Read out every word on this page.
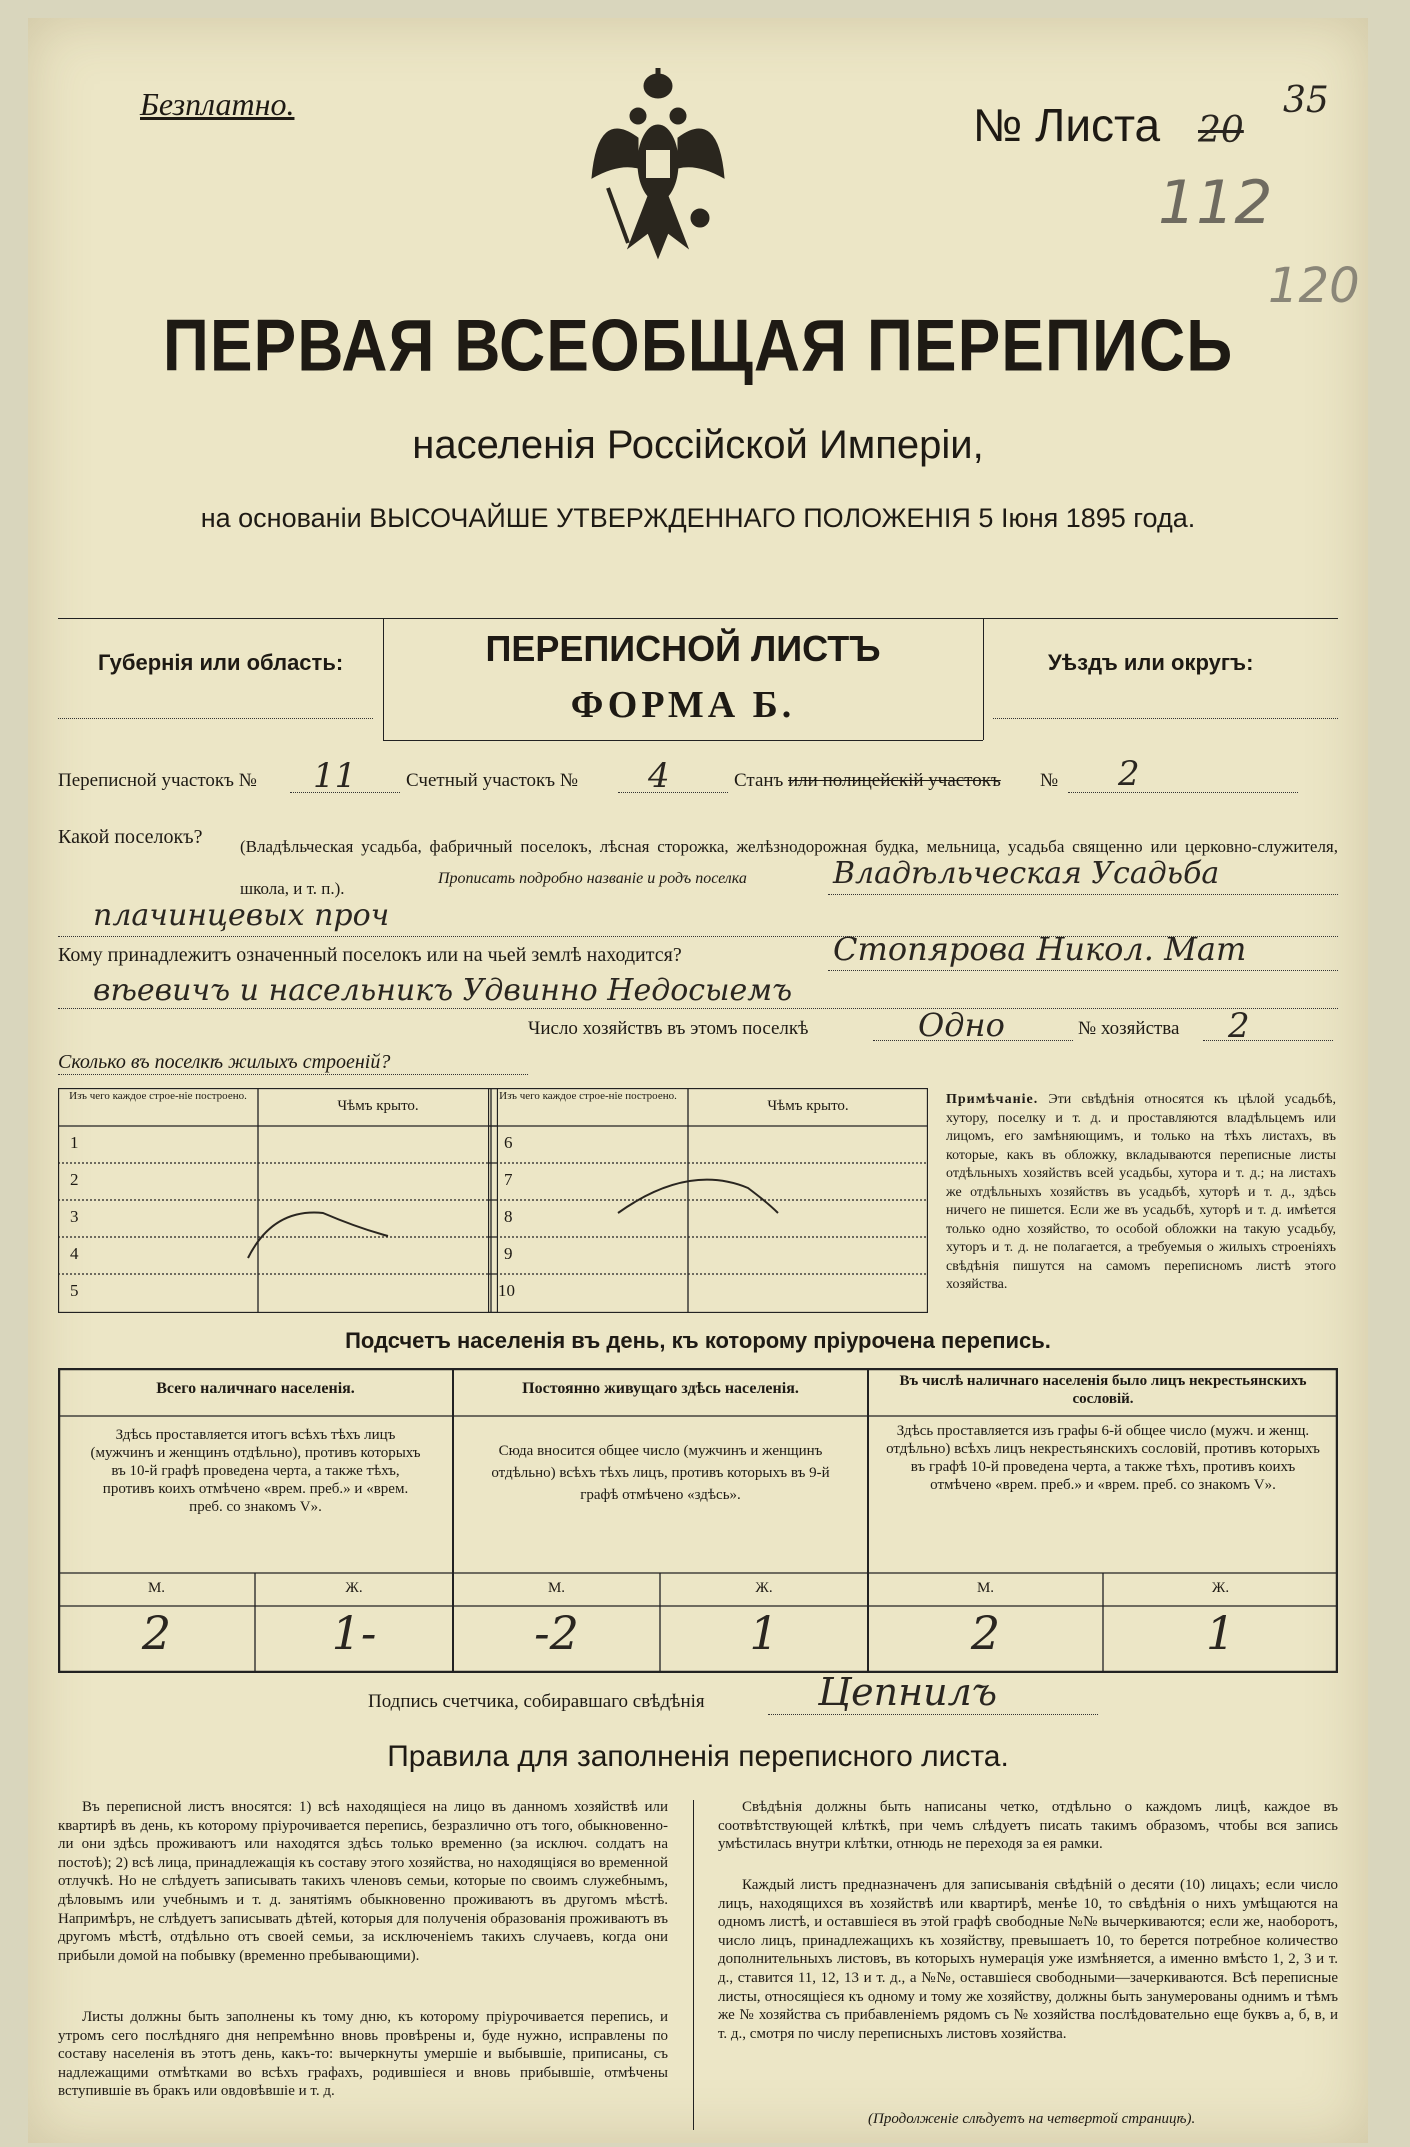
Безплатно.	№ Листа 20
35
112
120
ПЕРВАЯ ВСЕОБЩАЯ ПЕРЕПИСЬ
населенія Россійской Имперіи,
на основаніи ВЫСОЧАЙШЕ УТВЕРЖДЕННАГО ПОЛОЖЕНІЯ 5 Іюня 1895 года.
Губернія или область:	ПЕРЕПИСНОЙ ЛИСТЪ
ФОРМА Б.
Уѣздъ или округъ:
Переписной участокъ № 11	Счетный участокъ № 4	Станъ или полицейскій участокъ № 2
Какой поселокъ? (Владѣльческая усадьба, фабричный поселокъ, лѣсная сторожка, желѣзнодорожная будка, мельница, усадьба священно или церковно-служителя, школа, и т. п.).
Прописать подробно названіе и родъ поселка	Владѣльческая Усадьба
плачинцевых проч
Кому принадлежитъ означенный поселокъ или на чьей землѣ находится?	Стопярова Никол. Мат
вѣевичъ и насельникъ Удвинно Недосыемъ
Число хозяйствъ въ этомъ поселкѣ	Одно	№ хозяйства 2
Сколько въ поселкѣ жилыхъ строеній?
Изъ чего каждое строе-ніе построено.
Чѣмъ крыто.
1
2
3
4
5
Изъ чего каждое строе-ніе построено.
Чѣмъ крыто.
6
7
8
9
10
Примѣчаніе. Эти свѣдѣнія относятся къ цѣлой усадьбѣ, хутору, поселку и т. д. и проставляются владѣльцемъ или лицомъ, его замѣняющимъ, и только на тѣхъ листахъ, въ которые, какъ въ обложку, вкладываются переписные листы отдѣльныхъ хозяйствъ всей усадьбы, хутора и т. д.; на листахъ же отдѣльныхъ хозяйствъ въ усадьбѣ, хуторѣ и т. д., здѣсь ничего не пишется. Если же въ усадьбѣ, хуторѣ и т. д. имѣется только одно хозяйство, то особой обложки на такую усадьбу, хуторъ и т. д. не полагается, а требуемыя о жилыхъ строеніяхъ свѣдѣнія пишутся на самомъ переписномъ листѣ этого хозяйства.
Подсчетъ населенія въ день, къ которому пріурочена перепись.
Всего наличнаго населенія.
Здѣсь проставляется итогъ всѣхъ тѣхъ лицъ (мужчинъ и женщинъ отдѣльно), противъ которыхъ въ 10-й графѣ проведена черта, а также тѣхъ, противъ коихъ отмѣчено «врем. преб.» и «врем. преб. со знакомъ V».
М.	Ж.
2	1-
Постоянно живущаго здѣсь населенія.
Сюда вносится общее число (мужчинъ и женщинъ отдѣльно) всѣхъ тѣхъ лицъ, противъ которыхъ въ 9-й графѣ отмѣчено «здѣсь».
М.	Ж.
-2	1
Въ числѣ наличнаго населенія было лицъ некрестьянскихъ сословій.
Здѣсь проставляется изъ графы 6-й общее число (мужч. и женщ. отдѣльно) всѣхъ лицъ некрестьянскихъ сословій, противъ которыхъ въ графѣ 10-й проведена черта, а также тѣхъ, противъ коихъ отмѣчено «врем. преб.» и «врем. преб. со знакомъ V».
М.	Ж.
2	1
Подпись счетчика, собиравшаго свѣдѣнія	Цепнилъ
Правила для заполненія переписного листа.
Въ переписной листъ вносятся: 1) всѣ находящіеся на лицо въ данномъ хозяйствѣ или квартирѣ въ день, къ которому пріурочивается перепись, безразлично отъ того, обыкновенно-ли они здѣсь проживаютъ или находятся здѣсь только временно (за исключ. солдатъ на постоѣ); 2) всѣ лица, принадлежащія къ составу этого хозяйства, но находящіяся во временной отлучкѣ. Но не слѣдуетъ записывать такихъ членовъ семьи, которые по своимъ служебнымъ, дѣловымъ или учебнымъ и т. д. занятіямъ обыкновенно проживаютъ въ другомъ мѣстѣ. Напримѣръ, не слѣдуетъ записывать дѣтей, которыя для полученія образованія проживаютъ въ другомъ мѣстѣ, отдѣльно отъ своей семьи, за исключеніемъ такихъ случаевъ, когда они прибыли домой на побывку (временно пребывающими).
Листы должны быть заполнены къ тому дню, къ которому пріурочивается перепись, и утромъ сего послѣдняго дня непремѣнно вновь провѣрены и, буде нужно, исправлены по составу населенія въ этотъ день, какъ-то: вычеркнуты умершіе и выбывшіе, приписаны, съ надлежащими отмѣтками во всѣхъ графахъ, родившіеся и вновь прибывшіе, отмѣчены вступившіе въ бракъ или овдовѣвшіе и т. д.
Свѣдѣнія должны быть написаны четко, отдѣльно о каждомъ лицѣ, каждое въ соотвѣтствующей клѣткѣ, при чемъ слѣдуетъ писать такимъ образомъ, чтобы вся запись умѣстилась внутри клѣтки, отнюдь не переходя за ея рамки.
Каждый листъ предназначенъ для записыванія свѣдѣній о десяти (10) лицахъ; если число лицъ, находящихся въ хозяйствѣ или квартирѣ, менѣе 10, то свѣдѣнія о нихъ умѣщаются на одномъ листѣ, и оставшіеся въ этой графѣ свободные №№ вычеркиваются; если же, наоборотъ, число лицъ, принадлежащихъ къ хозяйству, превышаетъ 10, то берется потребное количество дополнительныхъ листовъ, въ которыхъ нумерація уже измѣняется, а именно вмѣсто 1, 2, 3 и т. д., ставится 11, 12, 13 и т. д., а №№, оставшіеся свободными—зачеркиваются. Всѣ переписные листы, относящіеся къ одному и тому же хозяйству, должны быть занумерованы однимъ и тѣмъ же № хозяйства съ прибавленіемъ рядомъ съ № хозяйства послѣдовательно еще буквъ а, б, в, и т. д., смотря по числу переписныхъ листовъ хозяйства.
(Продолженіе слѣдуетъ на четвертой страницѣ).
